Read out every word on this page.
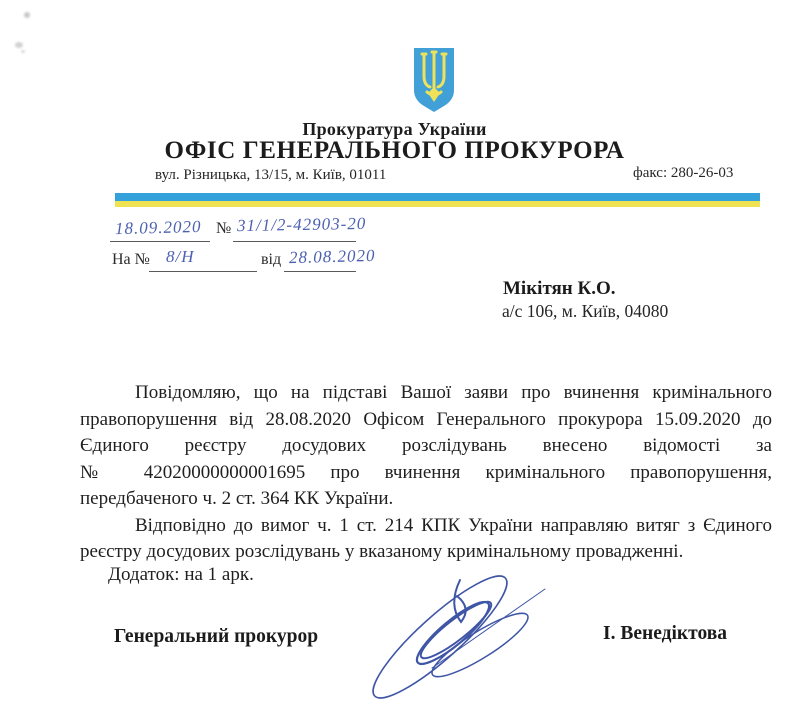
Прокуратура України
ОФІС ГЕНЕРАЛЬНОГО ПРОКУРОРА
вул. Різницька, 13/15, м. Київ, 01011	факс: 280-26-03
18.09.2020 № 31/1/2-42903-20
На № 8/Н	від 28.08.2020
Мікітян К.О.
а/с 106, м. Київ, 04080
Повідомляю, що на підставі Вашої заяви про вчинення кримінального
правопорушення від 28.08.2020 Офісом Генерального прокурора 15.09.2020 до
Єдиного реєстру досудових розслідувань внесено відомості за
№ 42020000000001695 про вчинення кримінального правопорушення,
передбаченого ч. 2 ст. 364 КК України.
Відповідно до вимог ч. 1 ст. 214 КПК України направляю витяг з Єдиного
реєстру досудових розслідувань у вказаному кримінальному провадженні.
Додаток: на 1 арк.
Генеральний прокурор	І. Венедіктова
